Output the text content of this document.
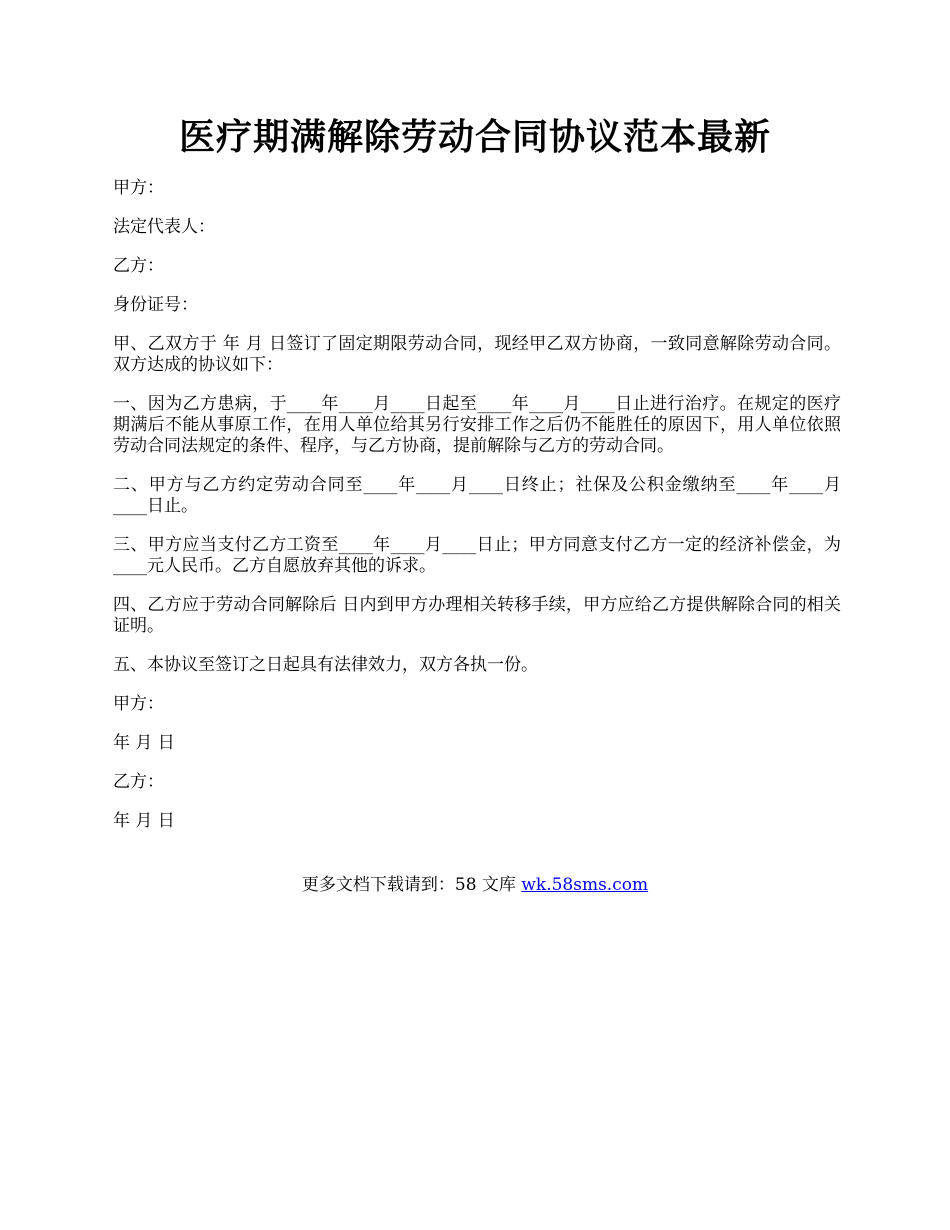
医疗期满解除劳动合同协议范本最新

甲方：

法定代表人：

乙方：

身份证号：

甲、乙双方于 年 月 日签订了固定期限劳动合同，现经甲乙双方协商，一致同意解除劳动合同。双方达成的协议如下：

一、因为乙方患病，于____年____月____日起至____年____月____日止进行治疗。在规定的医疗期满后不能从事原工作，在用人单位给其另行安排工作之后仍不能胜任的原因下，用人单位依照劳动合同法规定的条件、程序，与乙方协商，提前解除与乙方的劳动合同。

二、甲方与乙方约定劳动合同至____年____月____日终止；社保及公积金缴纳至____年____月____日止。

三、甲方应当支付乙方工资至____年____月____日止；甲方同意支付乙方一定的经济补偿金，为____元人民币。乙方自愿放弃其他的诉求。

四、乙方应于劳动合同解除后 日内到甲方办理相关转移手续，甲方应给乙方提供解除合同的相关证明。

五、本协议至签订之日起具有法律效力，双方各执一份。

甲方：

年 月 日

乙方：

年 月 日

更多文档下载请到：58 文库 wk.58sms.com
